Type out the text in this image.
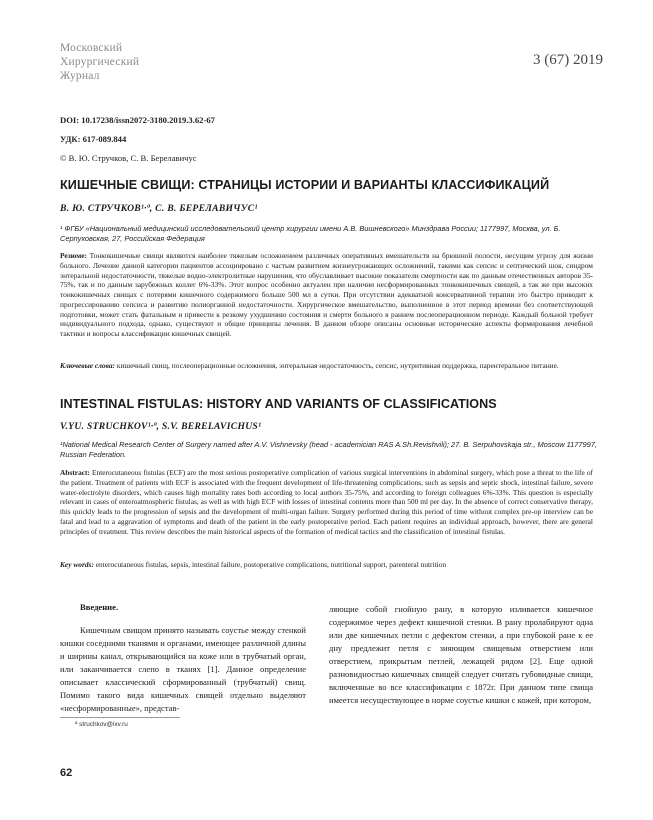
Московский
Хирургический
Журнал
3 (67) 2019
DOI: 10.17238/issn2072-3180.2019.3.62-67
УДК: 617-089.844
© В. Ю. Стручков, С. В. Берелавичус
КИШЕЧНЫЕ СВИЩИ: СТРАНИЦЫ ИСТОРИИ И ВАРИАНТЫ КЛАССИФИКАЦИЙ
В. Ю. СТРУЧКОВ¹·ª, С. В. БЕРЕЛАВИЧУС¹
¹ ФГБУ «Национальный медицинский исследовательский центр хирургии имени А.В. Вишневского» Минздрава России; 1177997, Москва, ул. Б. Серпуховская, 27, Российская Федерация
Резюме: Тонкокишечные свищи являются наиболее тяжелым осложнением различных оперативных вмешательств на брюшной полости, несущим угрозу для жизни больного. Лечение данной категории пациентов ассоциировано с частым развитием жизнеугрожающих осложнений, такими как сепсис и септический шок, синдром энтеральной недостаточности, тяжелые водно-электролитные нарушения, что обуславливает высокие показатели смертности как по данным отечественных авторов 35-75%, так и по данным зарубежных коллег 6%-33%. Этот вопрос особенно актуален при наличии несформированных тонкокишечных свищей, а так же при высоких тонкокишечных свищах с потерями кишечного содержимого больше 500 мл в сутки. При отсутствии адекватной консервативной терапии это быстро приводит к прогрессированию сепсиса и развитию полиорганной недостаточности. Хирургическое вмешательство, выполненное в этот период времени без соответствующей подготовки, может стать фатальным и привести к резкому ухудшению состояния и смерти больного в раннем послеоперационном периоде. Каждый больной требует индивидуального подхода, однако, существуют и общие принципы лечения. В данном обзоре описаны основные исторические аспекты формирования лечебной тактики и вопросы классификации кишечных свищей.
Ключевые слова: кишечный свищ, послеоперационные осложнения, энтеральная недостаточность, сепсис, нутритивная поддержка, парентеральное питание.
INTESTINAL FISTULAS: HISTORY AND VARIANTS OF CLASSIFICATIONS
V.YU. STRUCHKOV¹·ª, S.V. BERELAVICHUS¹
¹National Medical Research Center of Surgery named after A.V. Vishnevsky (head - academician RAS A.Sh.Revishvili); 27. B. Serpuhovskaja str., Moscow 1177997, Russian Federation.
Abstract: Enterocutaneous fistulas (ECF) are the most serious postoperative complication of various surgical interventions in abdominal surgery, which pose a threat to the life of the patient. Treatment of patients with ECF is associated with the frequent development of life-threatening complications, such as sepsis and septic shock, intestinal failure, severe water-electrolyte disorders, which causes high mortality rates both according to local authors 35-75%, and according to foreign colleagues 6%-33%. This question is especially relevant in cases of enteroatmospheric fistulas, as well as with high ECF with losses of intestinal contents more than 500 ml per day. In the absence of correct conservative therapy, this quickly leads to the progression of sepsis and the development of multi-organ failure. Surgery performed during this period of time without complex pre-op interview can be fatal and lead to a aggravation of symptoms and death of the patient in the early postoperative period. Each patient requires an individual approach, however, there are general principles of treatment. This review describes the main historical aspects of the formation of medical tactics and the classification of intestinal fistulas.
Key words: enterocutaneous fistulas, sepsis, intestinal failure, postoperative complications, nutritional support, parenteral nutrition
Введение.

Кишечным свищом принято называть соустье между стенкой кишки соседними тканями и органами, имеющее различной длины и ширины канал, открывающийся на коже или в трубчатый орган, или заканчивается слепо в тканях [1]. Данное определение описывает классический сформированный (трубчатый) свищ. Помимо такого вида кишечных свищей отдельно выделяют «несформированные», представ-

ляющие собой гнойную рану, в которую изливается кишечное содержимое через дефект кишечной стенки. В рану пролабируют одна или две кишечных петли с дефектом стенки, а при глубокой ране к ее дну предлежит петля с зияющим свищевым отверстием или отверстием, прикрытым петлей, лежащей рядом [2]. Еще одной разновидностью кишечных свищей следует считать губовидные свищи, включенные во все классификации с 1872г. При данном типе свища имеется несуществующее в норме соустье кишки с кожей, при котором,

ª struchkov@ixv.ru
62
